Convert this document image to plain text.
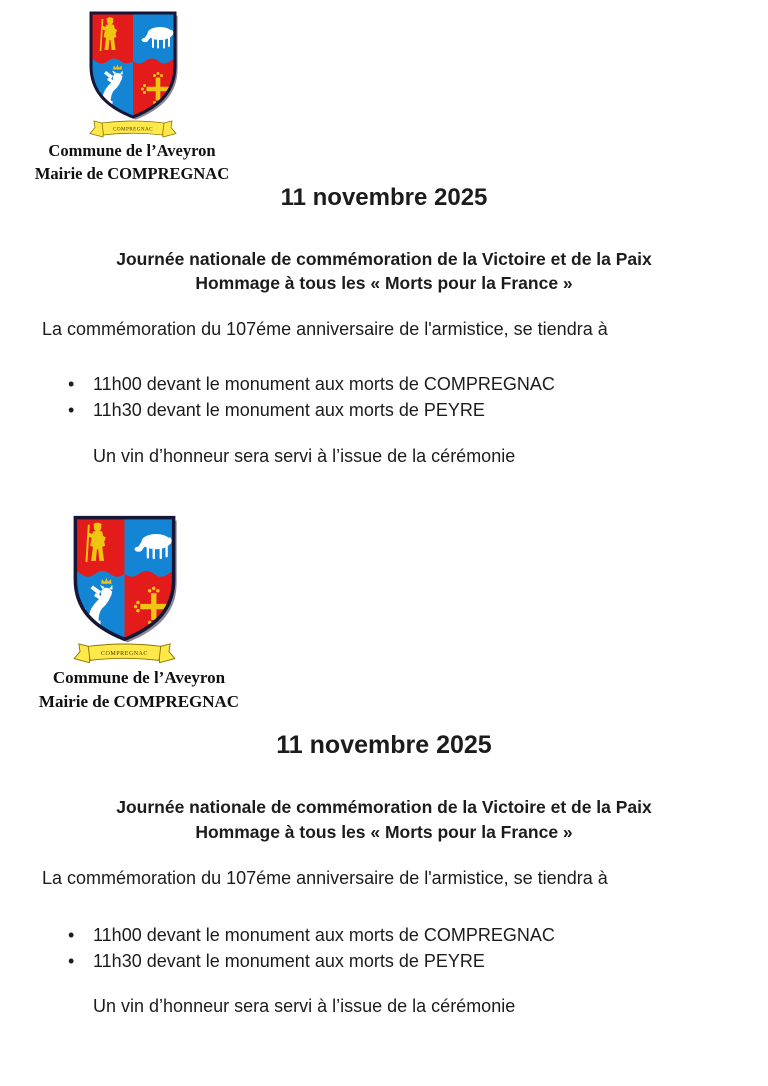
Commune de l’Aveyron
Mairie de COMPREGNAC
11 novembre 2025
Journée nationale de commémoration de la Victoire et de la Paix
Hommage à tous les « Morts pour la France »
La commémoration du 107éme anniversaire de l'armistice, se tiendra à
•	11h00 devant le monument aux morts de COMPREGNAC
•	11h30 devant le monument aux morts de PEYRE
Un vin d’honneur sera servi à l’issue de la cérémonie
Commune de l’Aveyron
Mairie de COMPREGNAC
11 novembre 2025
Journée nationale de commémoration de la Victoire et de la Paix
Hommage à tous les « Morts pour la France »
La commémoration du 107éme anniversaire de l'armistice, se tiendra à
•	11h00 devant le monument aux morts de COMPREGNAC
•	11h30 devant le monument aux morts de PEYRE
Un vin d’honneur sera servi à l’issue de la cérémonie
